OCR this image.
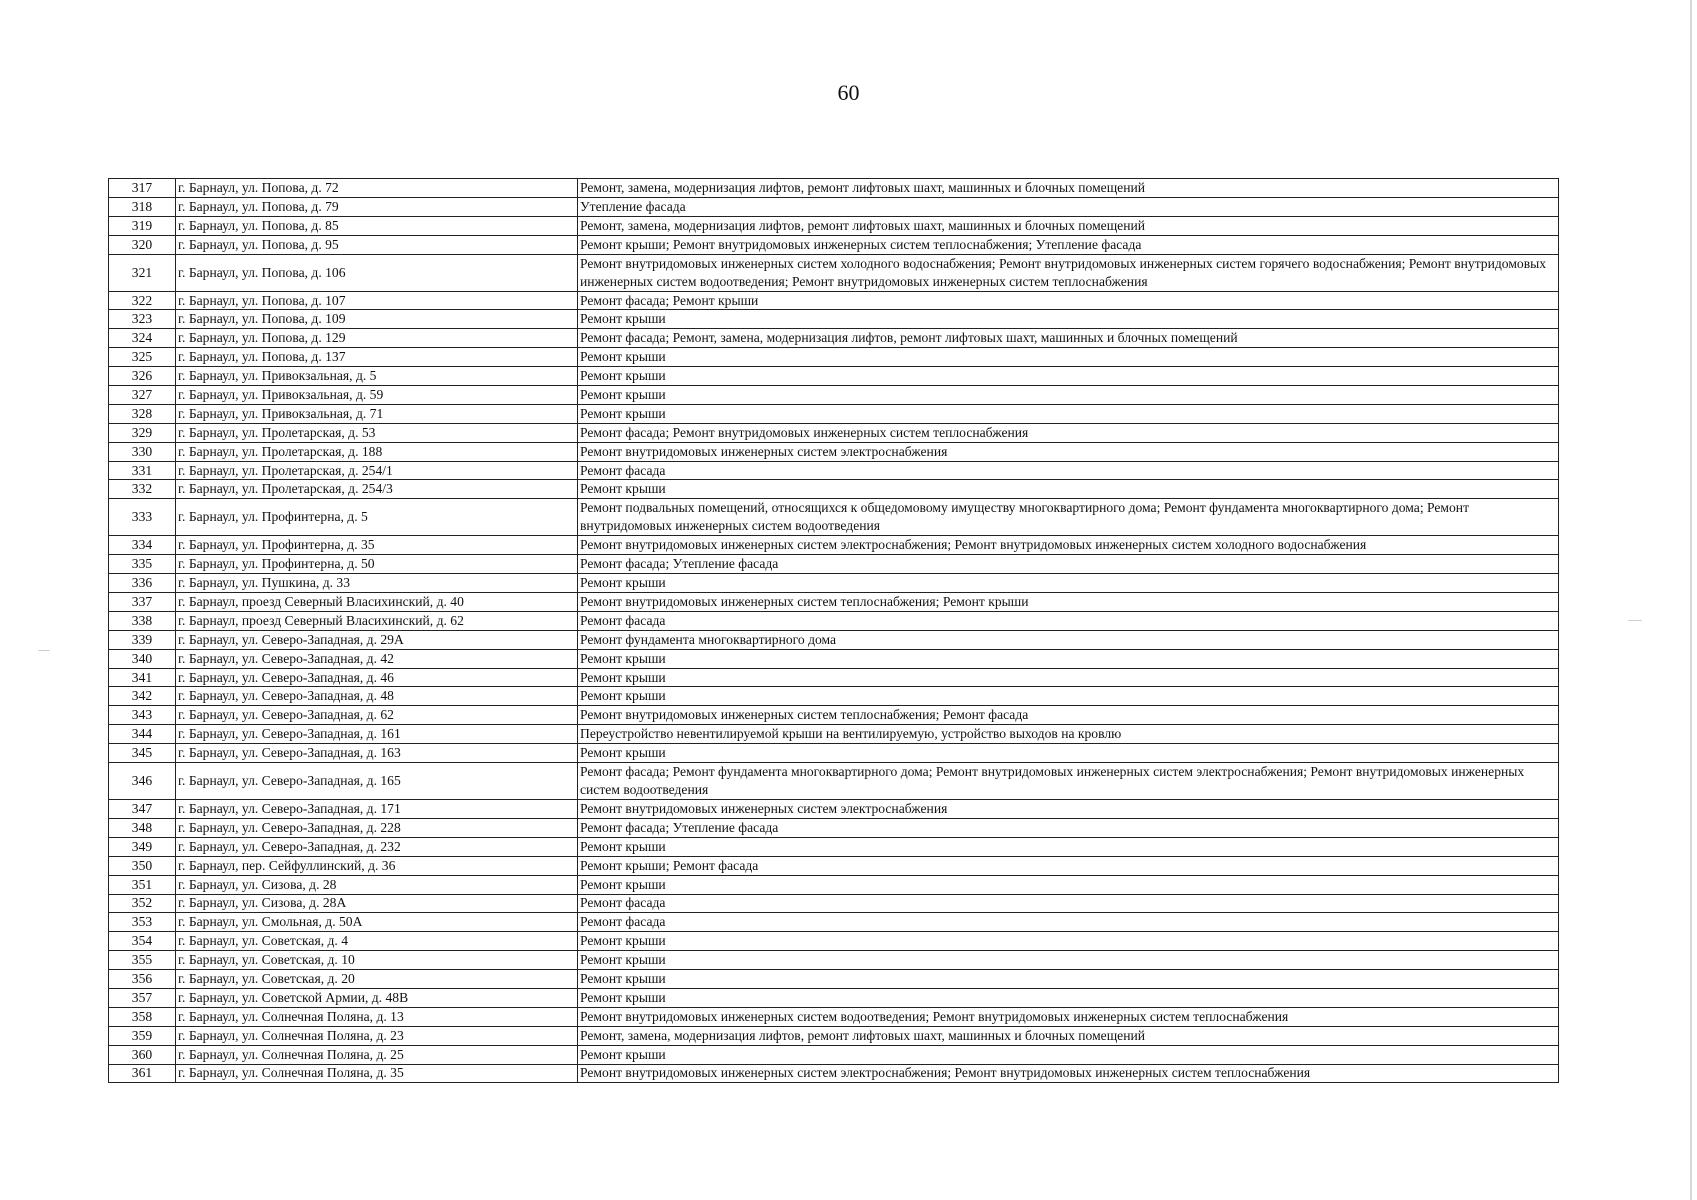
60
317	г. Барнаул, ул. Попова, д. 72	Ремонт, замена, модернизация лифтов, ремонт лифтовых шахт, машинных и блочных помещений
318	г. Барнаул, ул. Попова, д. 79	Утепление фасада
319	г. Барнаул, ул. Попова, д. 85	Ремонт, замена, модернизация лифтов, ремонт лифтовых шахт, машинных и блочных помещений
320	г. Барнаул, ул. Попова, д. 95	Ремонт крыши; Ремонт внутридомовых инженерных систем теплоснабжения; Утепление фасада
321	г. Барнаул, ул. Попова, д. 106	Ремонт внутридомовых инженерных систем холодного водоснабжения; Ремонт внутридомовых инженерных систем горячего водоснабжения; Ремонт внутридомовых инженерных систем водоотведения; Ремонт внутридомовых инженерных систем теплоснабжения
322	г. Барнаул, ул. Попова, д. 107	Ремонт фасада; Ремонт крыши
323	г. Барнаул, ул. Попова, д. 109	Ремонт крыши
324	г. Барнаул, ул. Попова, д. 129	Ремонт фасада; Ремонт, замена, модернизация лифтов, ремонт лифтовых шахт, машинных и блочных помещений
325	г. Барнаул, ул. Попова, д. 137	Ремонт крыши
326	г. Барнаул, ул. Привокзальная, д. 5	Ремонт крыши
327	г. Барнаул, ул. Привокзальная, д. 59	Ремонт крыши
328	г. Барнаул, ул. Привокзальная, д. 71	Ремонт крыши
329	г. Барнаул, ул. Пролетарская, д. 53	Ремонт фасада; Ремонт внутридомовых инженерных систем теплоснабжения
330	г. Барнаул, ул. Пролетарская, д. 188	Ремонт внутридомовых инженерных систем электроснабжения
331	г. Барнаул, ул. Пролетарская, д. 254/1	Ремонт фасада
332	г. Барнаул, ул. Пролетарская, д. 254/3	Ремонт крыши
333	г. Барнаул, ул. Профинтерна, д. 5	Ремонт подвальных помещений, относящихся к общедомовому имуществу многоквартирного дома; Ремонт фундамента многоквартирного дома; Ремонт внутридомовых инженерных систем водоотведения
334	г. Барнаул, ул. Профинтерна, д. 35	Ремонт внутридомовых инженерных систем электроснабжения; Ремонт внутридомовых инженерных систем холодного водоснабжения
335	г. Барнаул, ул. Профинтерна, д. 50	Ремонт фасада; Утепление фасада
336	г. Барнаул, ул. Пушкина, д. 33	Ремонт крыши
337	г. Барнаул, проезд Северный Власихинский, д. 40	Ремонт внутридомовых инженерных систем теплоснабжения; Ремонт крыши
338	г. Барнаул, проезд Северный Власихинский, д. 62	Ремонт фасада
339	г. Барнаул, ул. Северо-Западная, д. 29А	Ремонт фундамента многоквартирного дома
340	г. Барнаул, ул. Северо-Западная, д. 42	Ремонт крыши
341	г. Барнаул, ул. Северо-Западная, д. 46	Ремонт крыши
342	г. Барнаул, ул. Северо-Западная, д. 48	Ремонт крыши
343	г. Барнаул, ул. Северо-Западная, д. 62	Ремонт внутридомовых инженерных систем теплоснабжения; Ремонт фасада
344	г. Барнаул, ул. Северо-Западная, д. 161	Переустройство невентилируемой крыши на вентилируемую, устройство выходов на кровлю
345	г. Барнаул, ул. Северо-Западная, д. 163	Ремонт крыши
346	г. Барнаул, ул. Северо-Западная, д. 165	Ремонт фасада; Ремонт фундамента многоквартирного дома; Ремонт внутридомовых инженерных систем электроснабжения; Ремонт внутридомовых инженерных систем водоотведения
347	г. Барнаул, ул. Северо-Западная, д. 171	Ремонт внутридомовых инженерных систем электроснабжения
348	г. Барнаул, ул. Северо-Западная, д. 228	Ремонт фасада; Утепление фасада
349	г. Барнаул, ул. Северо-Западная, д. 232	Ремонт крыши
350	г. Барнаул, пер. Сейфуллинский, д. 36	Ремонт крыши; Ремонт фасада
351	г. Барнаул, ул. Сизова, д. 28	Ремонт крыши
352	г. Барнаул, ул. Сизова, д. 28А	Ремонт фасада
353	г. Барнаул, ул. Смольная, д. 50А	Ремонт фасада
354	г. Барнаул, ул. Советская, д. 4	Ремонт крыши
355	г. Барнаул, ул. Советская, д. 10	Ремонт крыши
356	г. Барнаул, ул. Советская, д. 20	Ремонт крыши
357	г. Барнаул, ул. Советской Армии, д. 48В	Ремонт крыши
358	г. Барнаул, ул. Солнечная Поляна, д. 13	Ремонт внутридомовых инженерных систем водоотведения; Ремонт внутридомовых инженерных систем теплоснабжения
359	г. Барнаул, ул. Солнечная Поляна, д. 23	Ремонт, замена, модернизация лифтов, ремонт лифтовых шахт, машинных и блочных помещений
360	г. Барнаул, ул. Солнечная Поляна, д. 25	Ремонт крыши
361	г. Барнаул, ул. Солнечная Поляна, д. 35	Ремонт внутридомовых инженерных систем электроснабжения; Ремонт внутридомовых инженерных систем теплоснабжения
